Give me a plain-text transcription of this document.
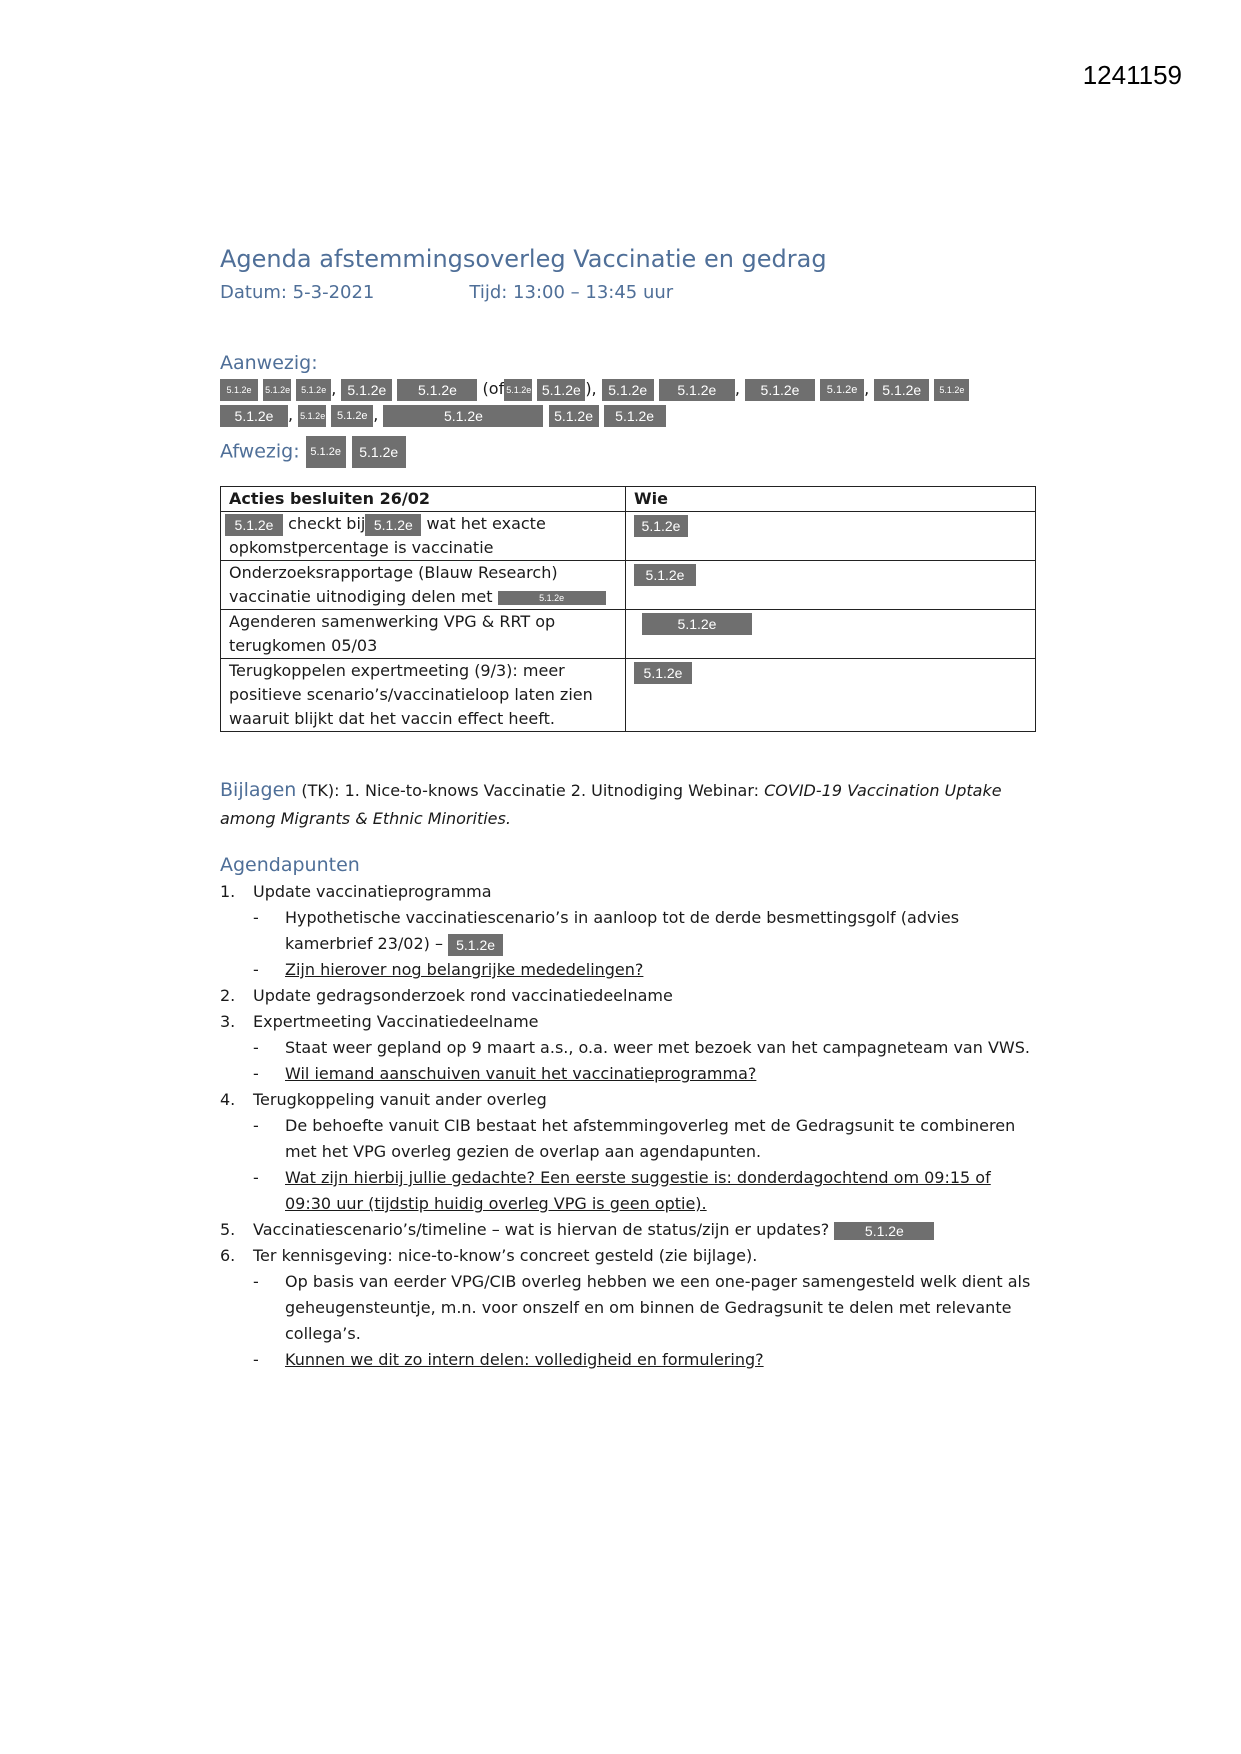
1241159
Agenda afstemmingsoverleg Vaccinatie en gedrag
Datum: 5-3-2021	Tijd: 13:00 – 13:45 uur
Aanwezig:
5.1.2e 5.1.2e 5.1.2e , 5.1.2e 5.1.2e (of 5.1.2e 5.1.2e ), 5.1.2e 5.1.2e , 5.1.2e 5.1.2e , 5.1.2e 5.1.2e
5.1.2e , 5.1.2e 5.1.2e ,	5.1.2e	5.1.2e 5.1.2e
Afwezig: 5.1.2e 5.1.2e
Acties besluiten 26/02	Wie

5.1.2e checkt bij 5.1.2e wat het exacte
opkomstpercentage is vaccinatie	5.1.2e

Onderzoeksrapportage (Blauw Research)
vaccinatie uitnodiging delen met 5.1.2e	5.1.2e

Agenderen samenwerking VPG & RRT op
terugkomen 05/03	5.1.2e

Terugkoppelen expertmeeting (9/3): meer
positieve scenario’s/vaccinatieloop laten zien
waaruit blijkt dat het vaccin effect heeft.	5.1.2e
Bijlagen (TK): 1. Nice-to-knows Vaccinatie 2. Uitnodiging Webinar: COVID-19 Vaccination Uptake
among Migrants & Ethnic Minorities.
Agendapunten
1. Update vaccinatieprogramma
- Hypothetische vaccinatiescenario’s in aanloop tot de derde besmettingsgolf (advies
kamerbrief 23/02) – 5.1.2e
- Zijn hierover nog belangrijke mededelingen?
2. Update gedragsonderzoek rond vaccinatiedeelname
3. Expertmeeting Vaccinatiedeelname
- Staat weer gepland op 9 maart a.s., o.a. weer met bezoek van het campagneteam van VWS.
- Wil iemand aanschuiven vanuit het vaccinatieprogramma?
4. Terugkoppeling vanuit ander overleg
- De behoefte vanuit CIB bestaat het afstemmingoverleg met de Gedragsunit te combineren
met het VPG overleg gezien de overlap aan agendapunten.
- Wat zijn hierbij jullie gedachte? Een eerste suggestie is: donderdagochtend om 09:15 of
09:30 uur (tijdstip huidig overleg VPG is geen optie).
5. Vaccinatiescenario’s/timeline – wat is hiervan de status/zijn er updates?	5.1.2e
6. Ter kennisgeving: nice-to-know’s concreet gesteld (zie bijlage).
- Op basis van eerder VPG/CIB overleg hebben we een one-pager samengesteld welk dient als
geheugensteuntje, m.n. voor onszelf en om binnen de Gedragsunit te delen met relevante
collega’s.
- Kunnen we dit zo intern delen: volledigheid en formulering?
